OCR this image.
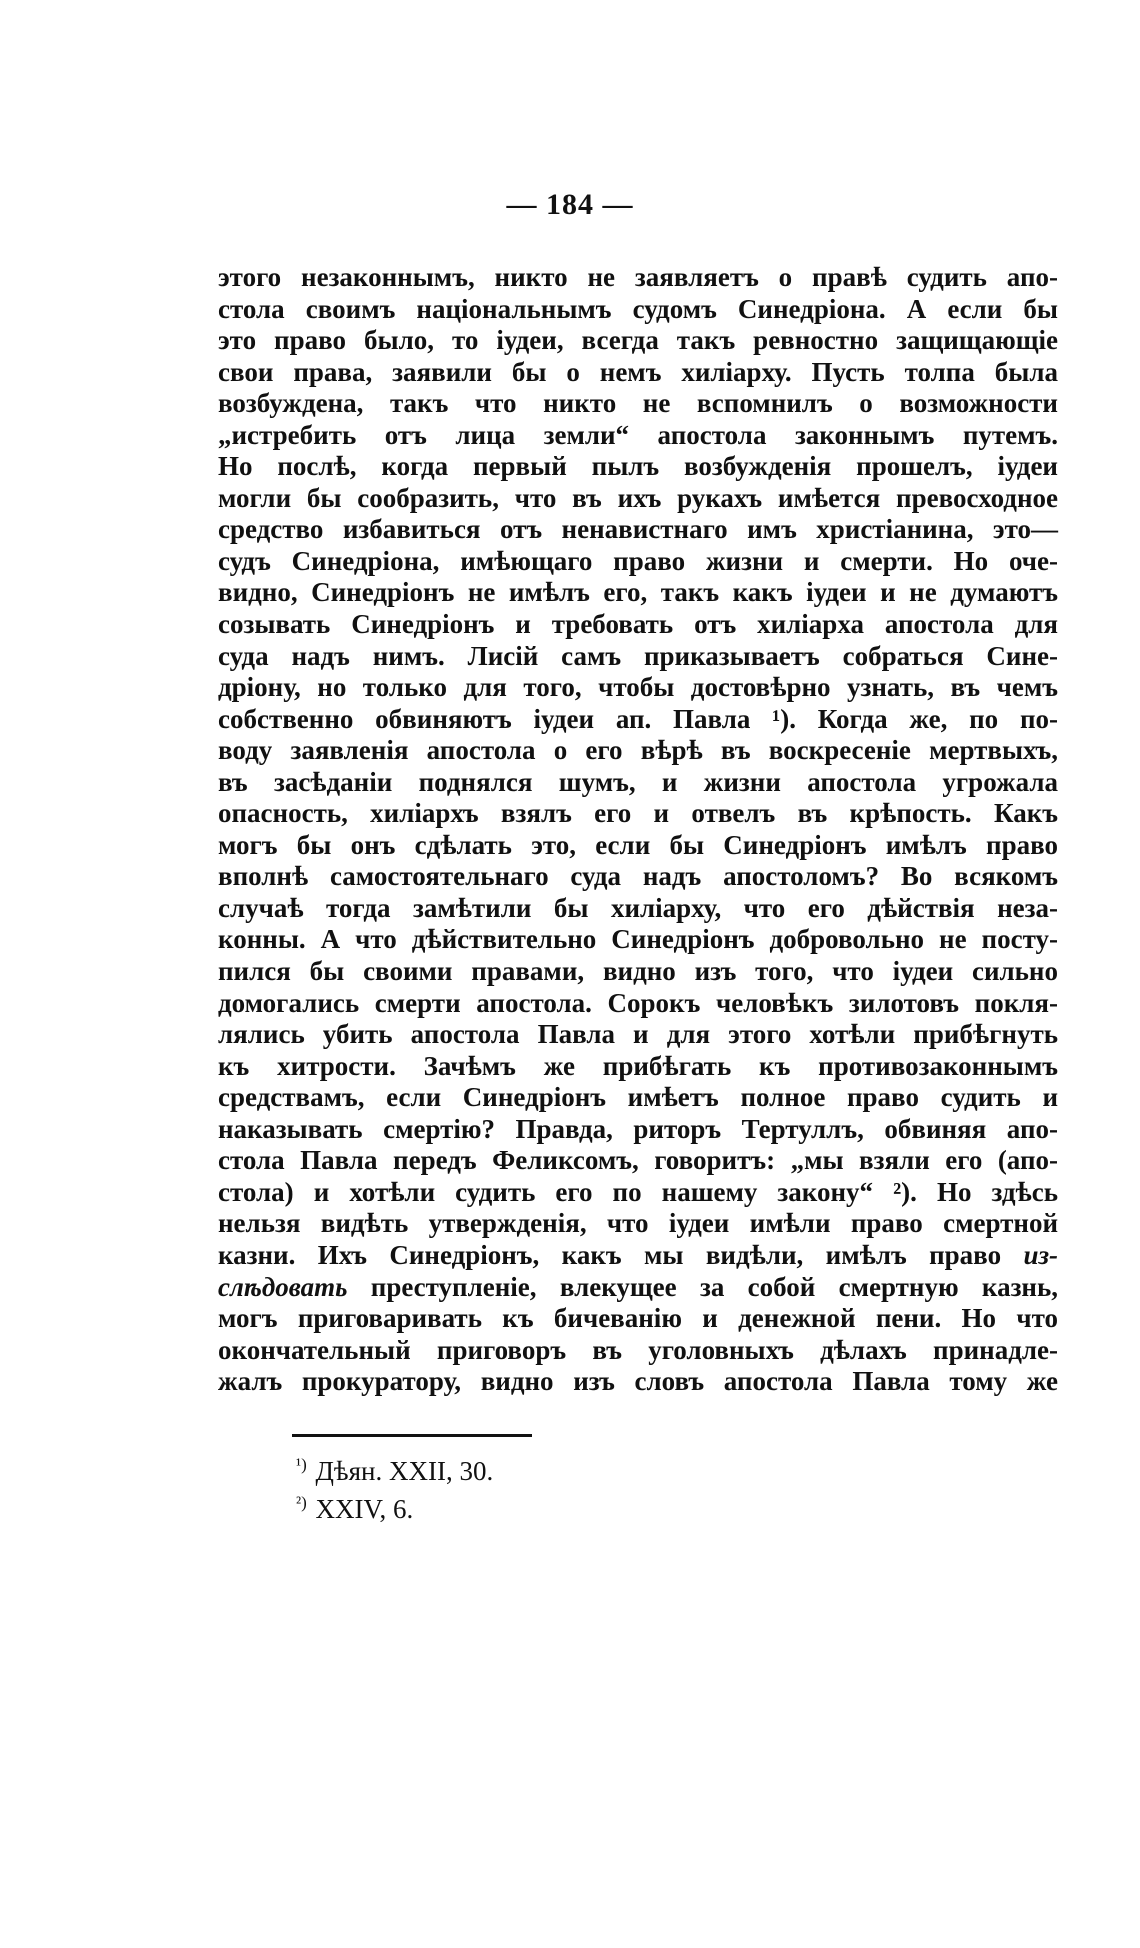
— 184 —
этого незаконнымъ, никто не заявляетъ о правѣ судить апо-
стола своимъ національнымъ судомъ Синедріона. А если бы
это право было, то іудеи, всегда такъ ревностно защищающіе
свои права, заявили бы о немъ хиліарху. Пусть толпа была
возбуждена, такъ что никто не вспомнилъ о возможности
„истребить отъ лица земли“ апостола законнымъ путемъ.
Но послѣ, когда первый пылъ возбужденія прошелъ, іудеи
могли бы сообразить, что въ ихъ рукахъ имѣется превосходное
средство избавиться отъ ненавистнаго имъ христіанина, это—
судъ Синедріона, имѣющаго право жизни и смерти. Но оче-
видно, Синедріонъ не имѣлъ его, такъ какъ іудеи и не думаютъ
созывать Синедріонъ и требовать отъ хиліарха апостола для
суда надъ нимъ. Лисій самъ приказываетъ собраться Сине-
дріону, но только для того, чтобы достовѣрно узнать, въ чемъ
собственно обвиняютъ іудеи ап. Павла ¹). Когда же, по по-
воду заявленія апостола о его вѣрѣ въ воскресеніе мертвыхъ,
въ засѣданіи поднялся шумъ, и жизни апостола угрожала
опасность, хиліархъ взялъ его и отвелъ въ крѣпость. Какъ
могъ бы онъ сдѣлать это, если бы Синедріонъ имѣлъ право
вполнѣ самостоятельнаго суда надъ апостоломъ? Во всякомъ
случаѣ тогда замѣтили бы хиліарху, что его дѣйствія неза-
конны. А что дѣйствительно Синедріонъ добровольно не посту-
пился бы своими правами, видно изъ того, что іудеи сильно
домогались смерти апостола. Сорокъ человѣкъ зилотовъ покля-
лялись убить апостола Павла и для этого хотѣли прибѣгнуть
къ хитрости. Зачѣмъ же прибѣгать къ противозаконнымъ
средствамъ, если Синедріонъ имѣетъ полное право судить и
наказывать смертію? Правда, риторъ Тертуллъ, обвиняя апо-
стола Павла передъ Феликсомъ, говоритъ: „мы взяли его (апо-
стола) и хотѣли судить его по нашему закону“ ²). Но здѣсь
нельзя видѣть утвержденія, что іудеи имѣли право смертной
казни. Ихъ Синедріонъ, какъ мы видѣли, имѣлъ право из-
слѣдовать преступленіе, влекущее за собой смертную казнь,
могъ приговаривать къ бичеванію и денежной пени. Но что
окончательный приговоръ въ уголовныхъ дѣлахъ принадле-
жалъ прокуратору, видно изъ словъ апостола Павла тому же
$^{^1)}$ Дѣян. XXII, 30.
$^{^2)}$ XXIV, 6.
